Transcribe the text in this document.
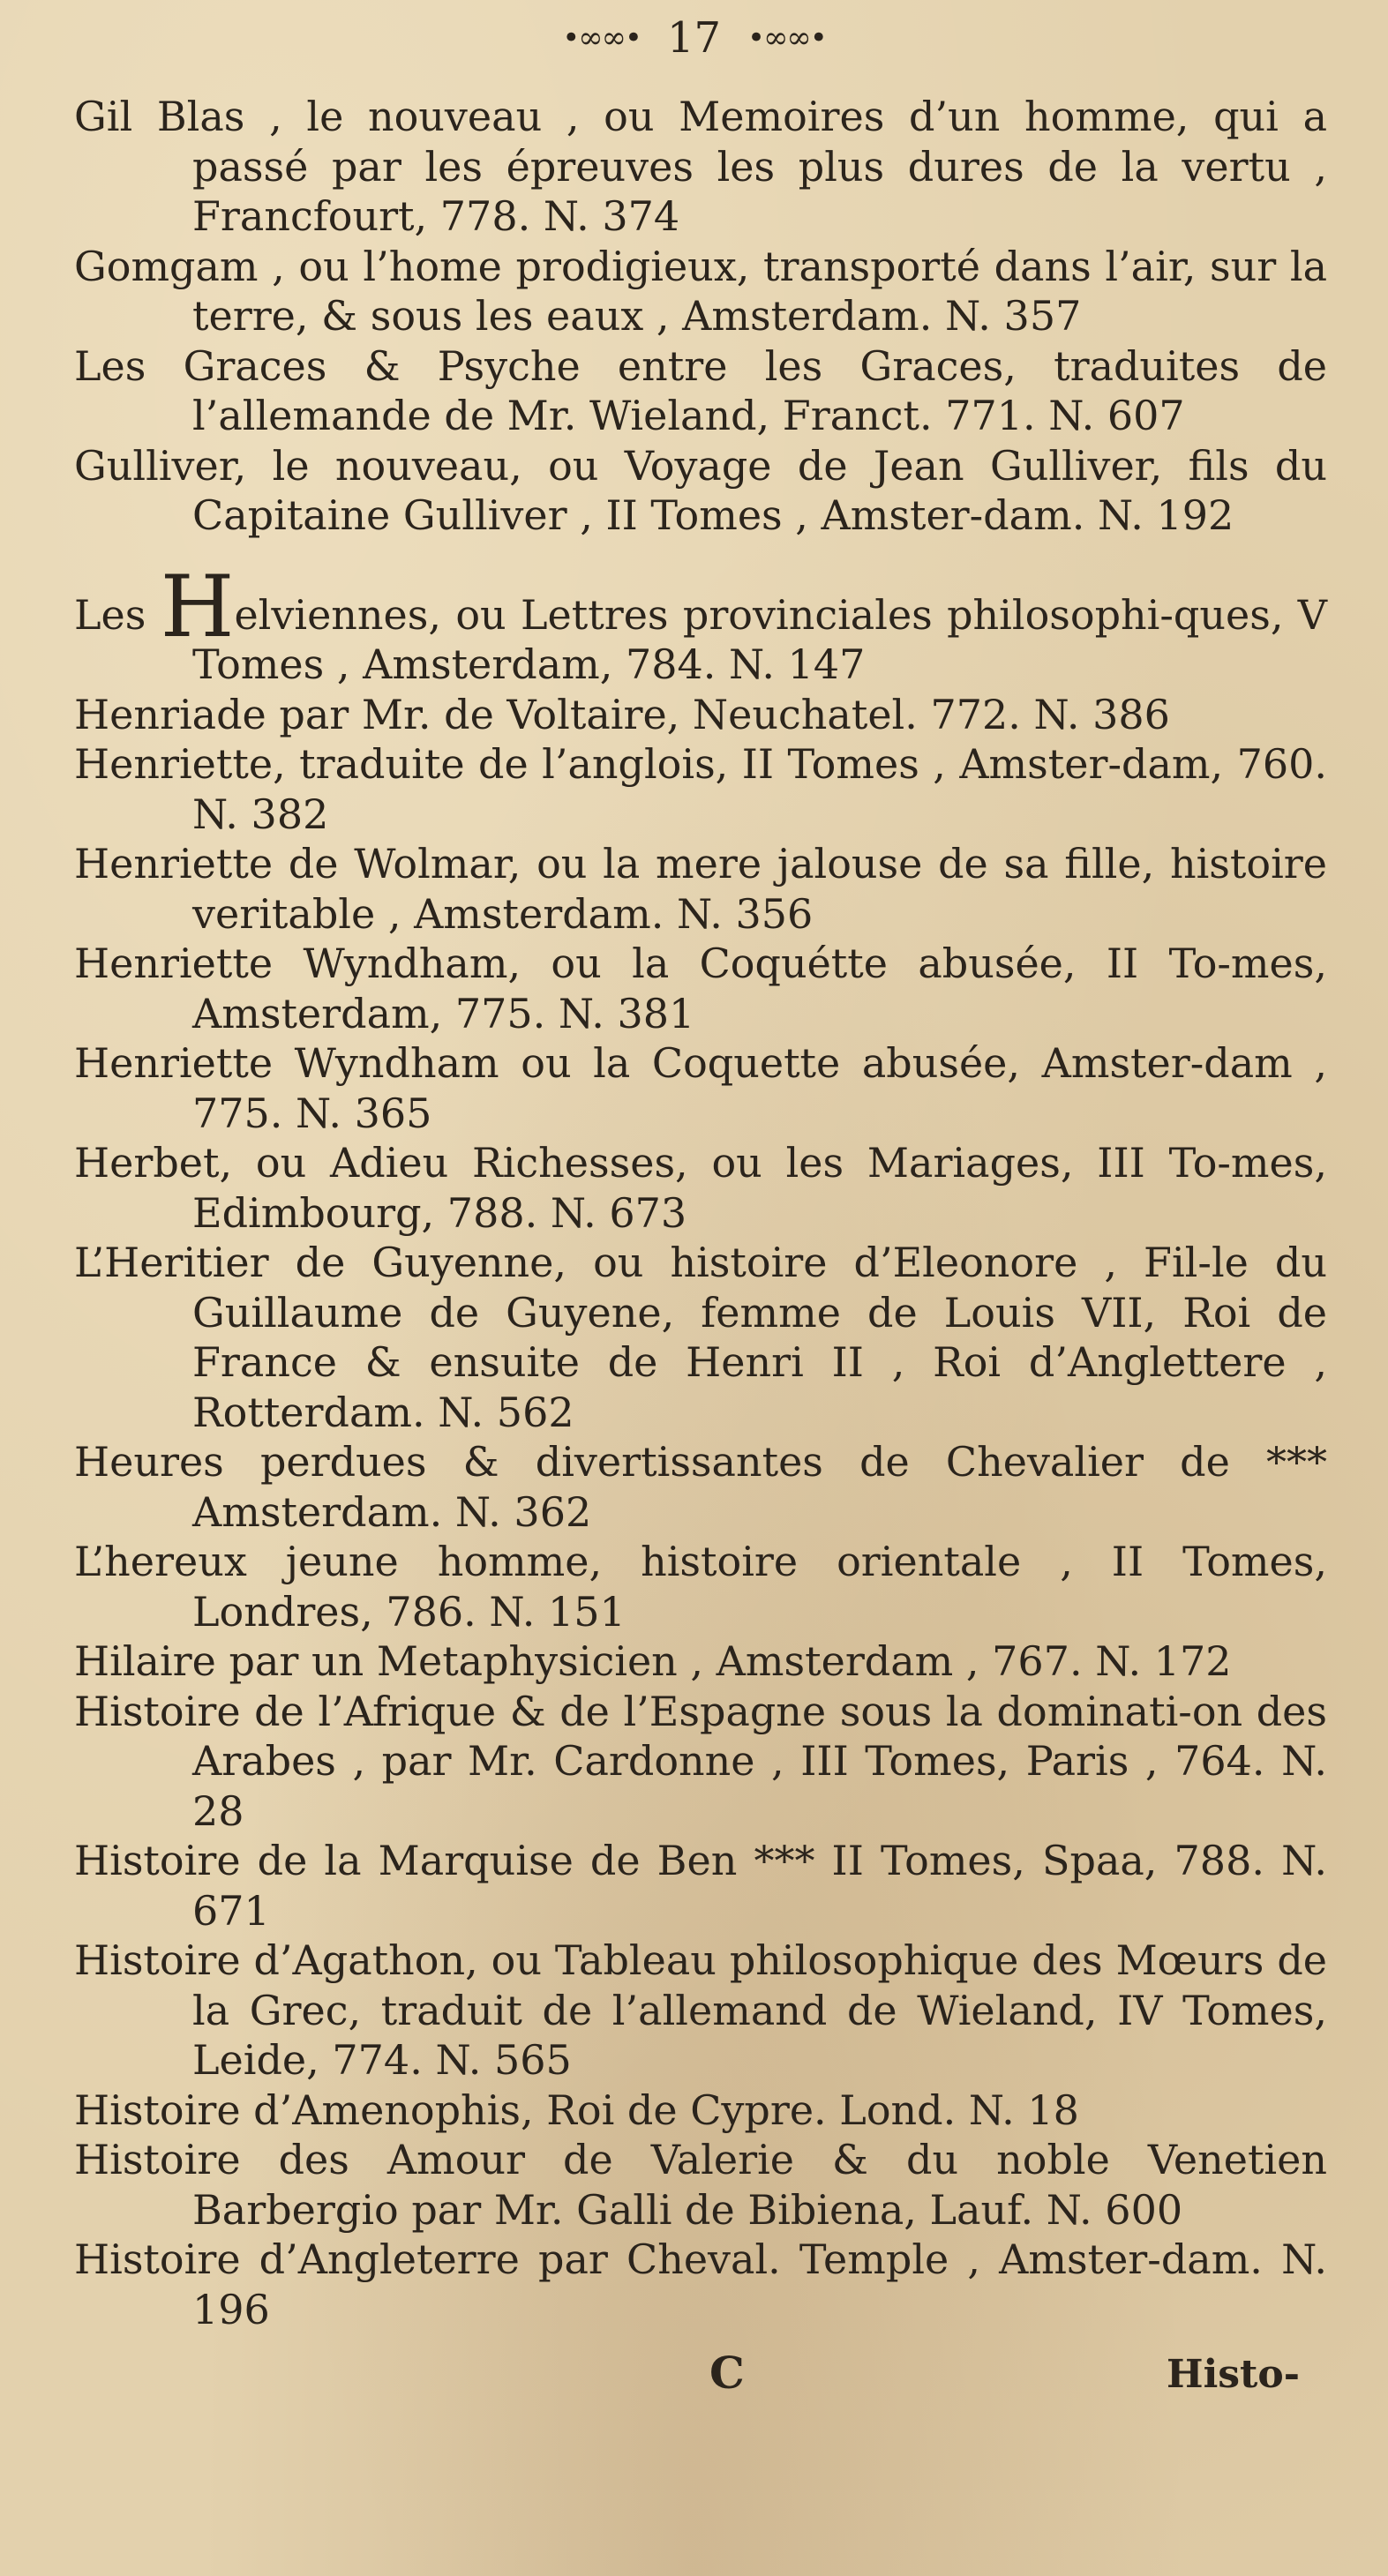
•∞∞• 17 •∞∞•
Gil Blas , le nouveau , ou Memoires d’un homme, qui a passé par les épreuves les plus dures de la vertu , Francfourt, 778. N. 374
Gomgam , ou l’home prodigieux, transporté dans l’air, sur la terre, & sous les eaux , Amsterdam. N. 357
Les Graces & Psyche entre les Graces, traduites de l’allemande de Mr. Wieland, Franct. 771. N. 607
Gulliver, le nouveau, ou Voyage de Jean Gulliver, fils du Capitaine Gulliver , II Tomes , Amster-dam. N. 192
Les Helviennes, ou Lettres provinciales philosophi-ques, V Tomes , Amsterdam, 784. N. 147
Henriade par Mr. de Voltaire, Neuchatel. 772. N. 386
Henriette, traduite de l’anglois, II Tomes , Amster-dam, 760. N. 382
Henriette de Wolmar, ou la mere jalouse de sa fille, histoire veritable , Amsterdam. N. 356
Henriette Wyndham, ou la Coquétte abusée, II To-mes, Amsterdam, 775. N. 381
Henriette Wyndham ou la Coquette abusée, Amster-dam , 775. N. 365
Herbet, ou Adieu Richesses, ou les Mariages, III To-mes, Edimbourg, 788. N. 673
L’Heritier de Guyenne, ou histoire d’Eleonore , Fil-le du Guillaume de Guyene, femme de Louis VII, Roi de France & ensuite de Henri II , Roi d’Anglettere , Rotterdam. N. 562
Heures perdues & divertissantes de Chevalier de *** Amsterdam. N. 362
L’hereux jeune homme, histoire orientale , II Tomes, Londres, 786. N. 151
Hilaire par un Metaphysicien , Amsterdam , 767. N. 172
Histoire de l’Afrique & de l’Espagne sous la dominati-on des Arabes , par Mr. Cardonne , III Tomes, Paris , 764. N. 28
Histoire de la Marquise de Ben *** II Tomes, Spaa, 788. N. 671
Histoire d’Agathon, ou Tableau philosophique des Mœurs de la Grec, traduit de l’allemand de Wieland, IV Tomes, Leide, 774. N. 565
Histoire d’Amenophis, Roi de Cypre. Lond. N. 18
Histoire des Amour de Valerie & du noble Venetien Barbergio par Mr. Galli de Bibiena, Lauf. N. 600
Histoire d’Angleterre par Cheval. Temple , Amster-dam. N. 196
C	Histo-
